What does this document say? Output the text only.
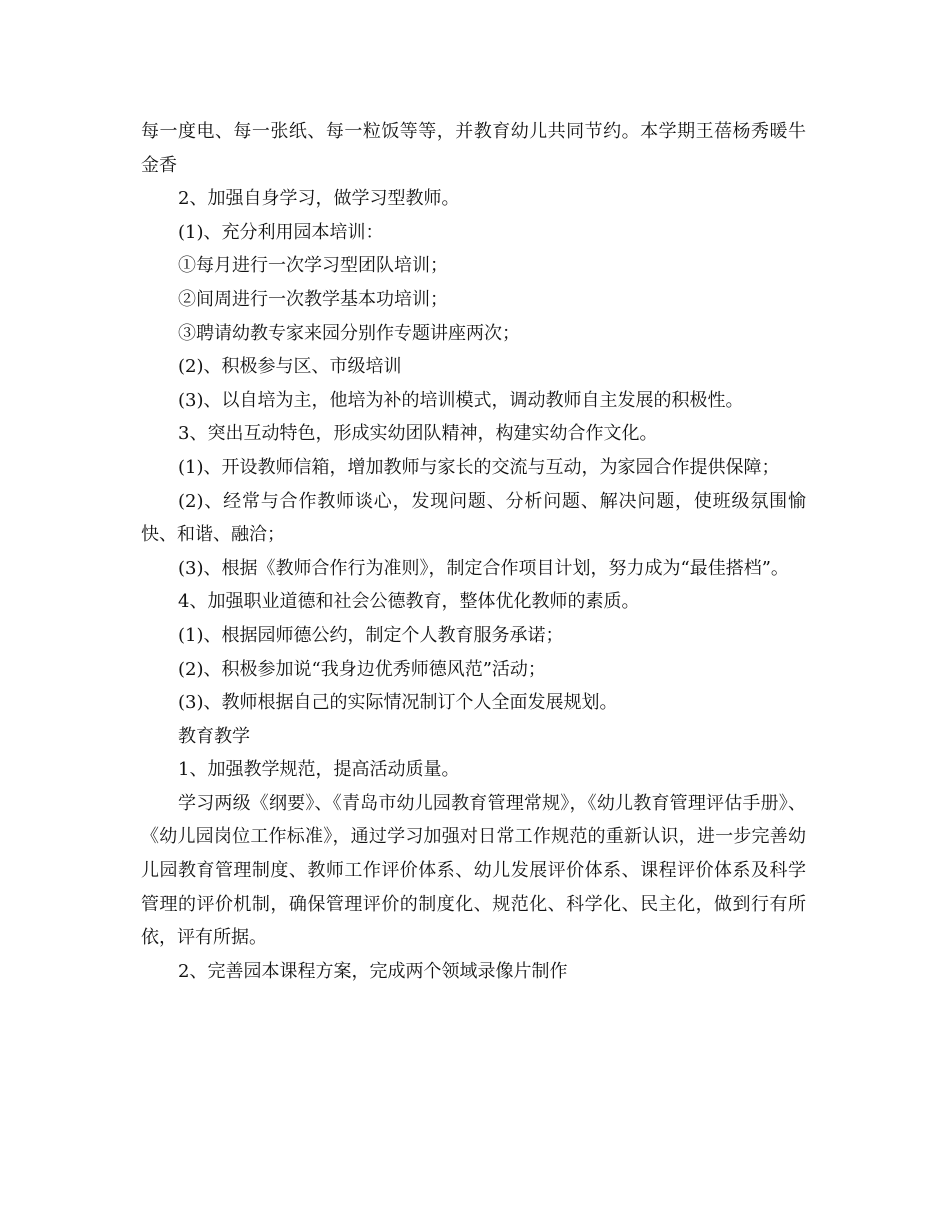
每一度电、每一张纸、每一粒饭等等，并教育幼儿共同节约。本学期王蓓杨秀暖牛金香

2、加强自身学习，做学习型教师。

(1)、充分利用园本培训：

①每月进行一次学习型团队培训；

②间周进行一次教学基本功培训；

③聘请幼教专家来园分别作专题讲座两次；

(2)、积极参与区、市级培训

(3)、以自培为主，他培为补的培训模式，调动教师自主发展的积极性。

3、突出互动特色，形成实幼团队精神，构建实幼合作文化。

(1)、开设教师信箱，增加教师与家长的交流与互动，为家园合作提供保障；

(2)、经常与合作教师谈心，发现问题、分析问题、解决问题，使班级氛围愉快、和谐、融洽；

(3)、根据《教师合作行为准则》，制定合作项目计划，努力成为“最佳搭档”。

4、加强职业道德和社会公德教育，整体优化教师的素质。

(1)、根据园师德公约，制定个人教育服务承诺；

(2)、积极参加说“我身边优秀师德风范”活动；

(3)、教师根据自己的实际情况制订个人全面发展规划。

教育教学

1、加强教学规范，提高活动质量。

学习两级《纲要》、《青岛市幼儿园教育管理常规》，《幼儿教育管理评估手册》、《幼儿园岗位工作标准》，通过学习加强对日常工作规范的重新认识，进一步完善幼儿园教育管理制度、教师工作评价体系、幼儿发展评价体系、课程评价体系及科学管理的评价机制，确保管理评价的制度化、规范化、科学化、民主化，做到行有所依，评有所据。

2、完善园本课程方案，完成两个领域录像片制作
